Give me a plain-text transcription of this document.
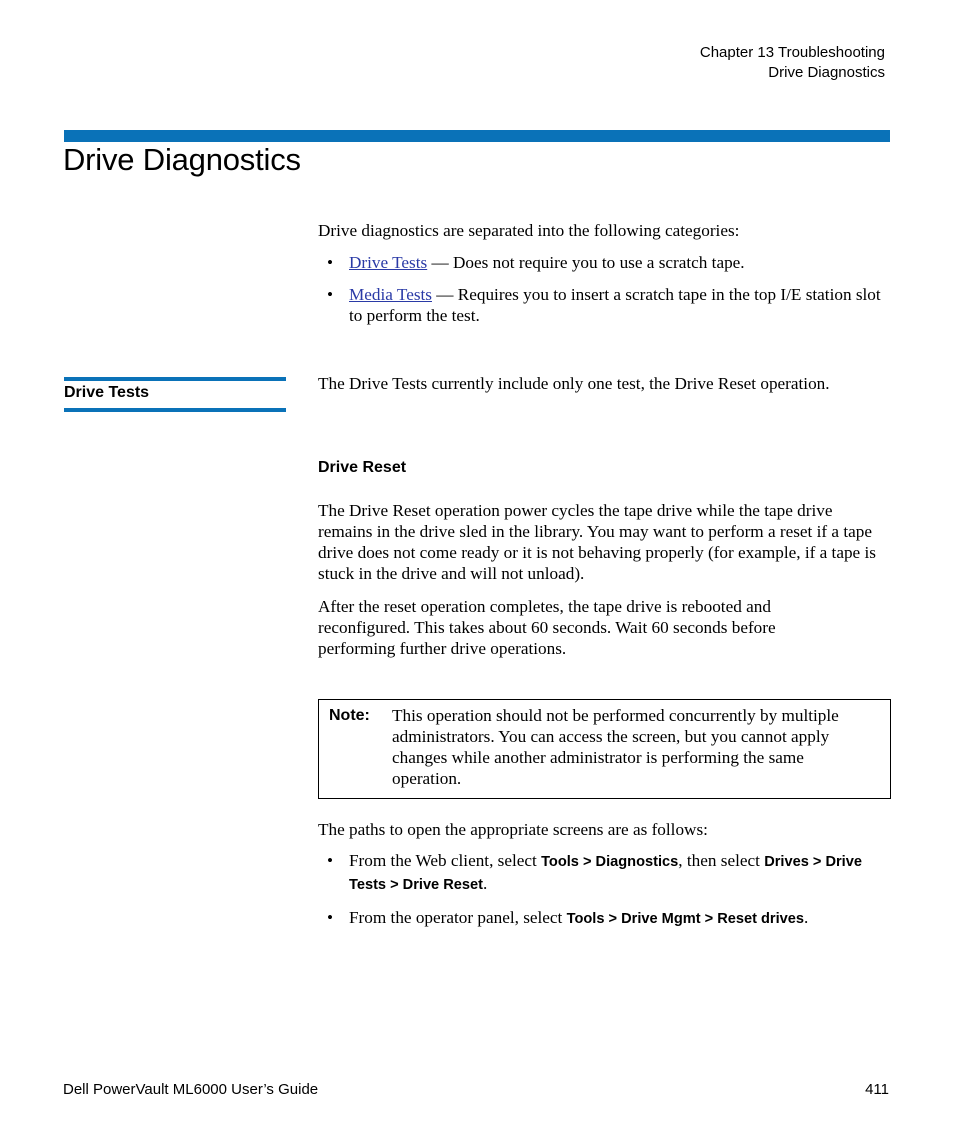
Chapter 13 Troubleshooting
Drive Diagnostics
Drive Diagnostics

Drive diagnostics are separated into the following categories:

• Drive Tests — Does not require you to use a scratch tape.
• Media Tests — Requires you to insert a scratch tape in the top I/E station slot to perform the test.
Drive Tests	The Drive Tests currently include only one test, the Drive Reset operation.

Drive Reset

The Drive Reset operation power cycles the tape drive while the tape drive remains in the drive sled in the library. You may want to perform a reset if a tape drive does not come ready or it is not behaving properly (for example, if a tape is stuck in the drive and will not unload).

After the reset operation completes, the tape drive is rebooted and reconfigured. This takes about 60 seconds. Wait 60 seconds before performing further drive operations.

Note: This operation should not be performed concurrently by multiple administrators. You can access the screen, but you cannot apply changes while another administrator is performing the same operation.

The paths to open the appropriate screens are as follows:

• From the Web client, select Tools > Diagnostics, then select Drives > Drive Tests > Drive Reset.
• From the operator panel, select Tools > Drive Mgmt > Reset drives.
Dell PowerVault ML6000 User’s Guide	411
